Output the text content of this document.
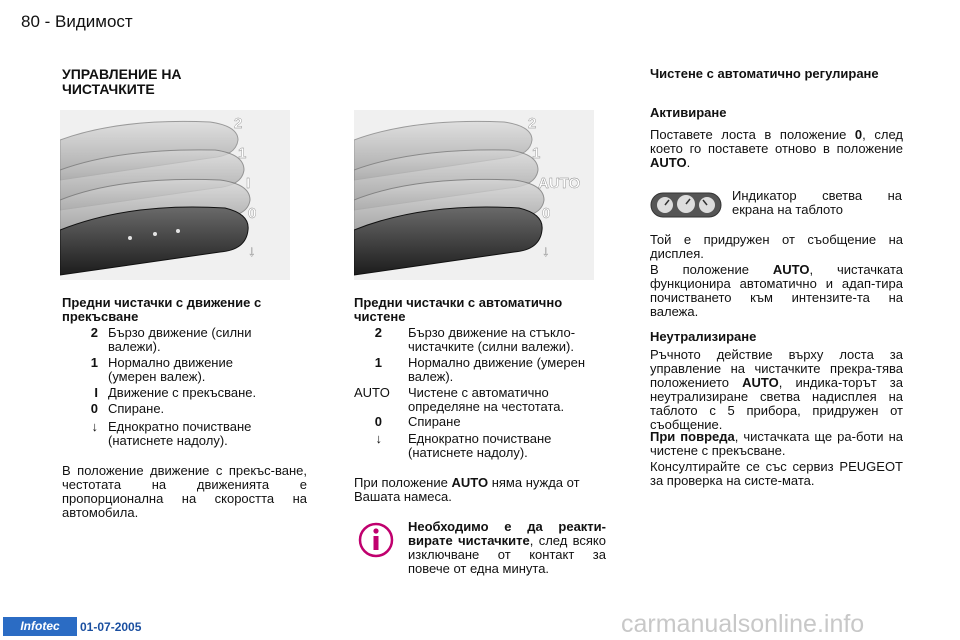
80 - Видимост
УПРАВЛЕНИЕ НА ЧИСТАЧКИТЕ
2
1
I
0
↓
2
1
AUTO
0
↓
Предни чистачки с движение с прекъсване
2 Бързо движение (силни валежи).
1 Нормално движение (умерен валеж).
I Движение с прекъсване.
0 Спиране.
↓ Еднократно почистване (натиснете надолу).
В положение движение с прекъс-ване, честотата на движенията е пропорционална на скоростта на автомобила.
Предни чистачки с автоматично чистене
2 Бързо движение на стъкло-чистачките (силни валежи).
1 Нормално движение (умерен валеж).
AUTO	Чистене с автоматично определяне на честотата.
0 Спиране
↓ Еднократно почистване (натиснете надолу).
При положение AUTO няма нужда от Вашата намеса.
Необходимо е да реакти-вирате чистачките, след всяко изключване от контакт за повече от една минута.
Чистене с автоматично регулиране
Активиране
Поставете лоста в положение 0, след което го поставете отново в положение AUTO.
Индикатор светва на екрана на таблото
Той е придружен от съобщение на дисплея.
В положение AUTO, чистачката функционира автоматично и адап-тира почистването към интензите-та на валежа.
Неутрализиране
Ръчното действие върху лоста за управление на чистачките прекра-тява положението AUTO, индика-торът за неутрализиране светва надисплея на таблото с 5 прибора, придружен от съобщение.
При повреда, чистачката ще ра-боти на чистене с прекъсване.
Консултирайте се със сервиз PEUGEOT за проверка на систе-мата.
Infotec	01-07-2005	carmanualsonline.info
